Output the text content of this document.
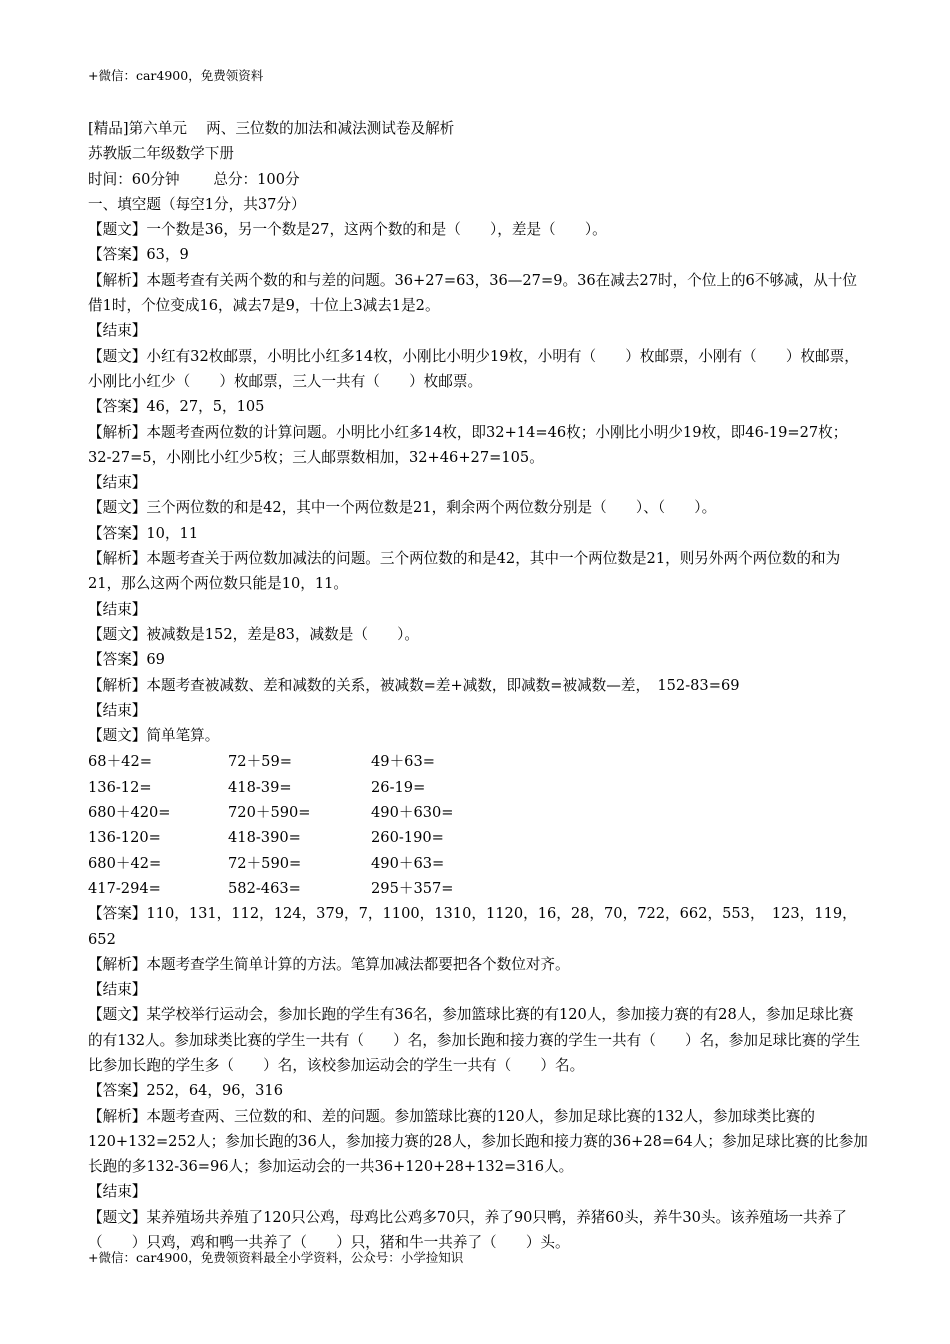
+微信：car4900，免费领资料

[精品]第六单元　 两、三位数的加法和减法测试卷及解析

苏教版二年级数学下册

时间：60分钟　　 总分：100分

一、填空题（每空1分，共37分）

【题文】一个数是36，另一个数是27，这两个数的和是（　　），差是（　　）。

【答案】63，9

【解析】本题考查有关两个数的和与差的问题。36+27=63，36—27=9。36在减去27时，个位上的6不够减，从十位借1时，个位变成16，减去7是9，十位上3减去1是2。

【结束】

【题文】小红有32枚邮票，小明比小红多14枚，小刚比小明少19枚，小明有（　　）枚邮票，小刚有（　　）枚邮票，小刚比小红少（　　）枚邮票，三人一共有（　　）枚邮票。

【答案】46，27，5，105

【解析】本题考查两位数的计算问题。小明比小红多14枚，即32+14=46枚；小刚比小明少19枚，即46-19=27枚；32-27=5，小刚比小红少5枚；三人邮票数相加，32+46+27=105。

【结束】

【题文】三个两位数的和是42，其中一个两位数是21，剩余两个两位数分别是（　　）、（　　）。

【答案】10，11

【解析】本题考查关于两位数加减法的问题。三个两位数的和是42，其中一个两位数是21，则另外两个两位数的和为21，那么这两个两位数只能是10，11。

【结束】

【题文】被减数是152，差是83，减数是（　　）。

【答案】69

【解析】本题考查被减数、差和减数的关系，被减数=差+减数，即减数=被减数—差，　152-83=69

【结束】

【题文】简单笔算。

68＋42=	72＋59=	49＋63=
136-12=	418-39=	26-19=
680＋420=	720＋590=	490＋630=
136-120=	418-390=	260-190=
680＋42=	72＋590=	490＋63=
417-294=	582-463=	295＋357=

【答案】110，131，112，124，379，7，1100，1310，1120，16，28，70，722，662，553，　123，119，652

【解析】本题考查学生简单计算的方法。笔算加减法都要把各个数位对齐。

【结束】

【题文】某学校举行运动会，参加长跑的学生有36名，参加篮球比赛的有120人，参加接力赛的有28人，参加足球比赛的有132人。参加球类比赛的学生一共有（　　）名，参加长跑和接力赛的学生一共有（　　）名，参加足球比赛的学生比参加长跑的学生多（　　）名，该校参加运动会的学生一共有（　　）名。

【答案】252，64，96，316

【解析】本题考查两、三位数的和、差的问题。参加篮球比赛的120人，参加足球比赛的132人，参加球类比赛的120+132=252人；参加长跑的36人，参加接力赛的28人，参加长跑和接力赛的36+28=64人；参加足球比赛的比参加长跑的多132-36=96人；参加运动会的一共36+120+28+132=316人。

【结束】

【题文】某养殖场共养殖了120只公鸡，母鸡比公鸡多70只，养了90只鸭，养猪60头，养牛30头。该养殖场一共养了（　　）只鸡，鸡和鸭一共养了（　　）只，猪和牛一共养了（　　）头。

+微信：car4900，免费领资料最全小学资料，公众号：小学捡知识
